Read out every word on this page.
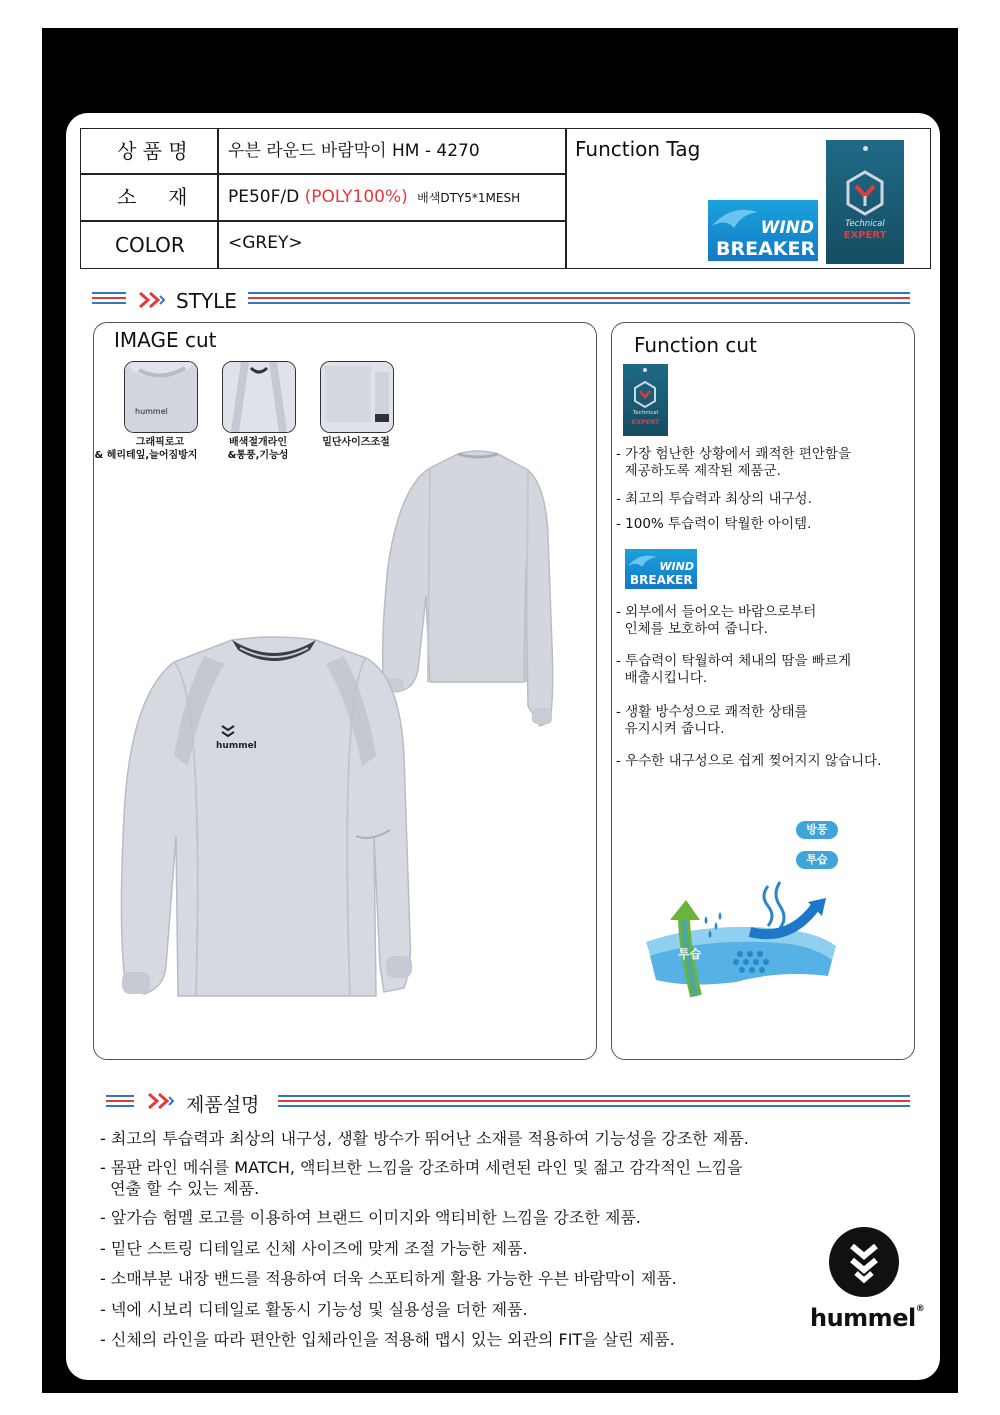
상 품 명 우븐 라운드 바람막이 HM - 4270
소     재 PE50F/D (POLY100%) 배색DTY5*1MESH
COLOR	<GREY>
Function Tag
WIND
BREAKER
Technical
EXPERT
STYLE
IMAGE cut
hummel
그래픽로고
& 헤리테잎,늘어짐방지
배색절개라인
&통풍,기능성
밑단사이즈조절
hummel
Function cut
Technical
EXPERT
- 가장 험난한 상황에서 쾌적한 편안함을
제공하도록 제작된 제품군.
- 최고의 투습력과 최상의 내구성.
- 100% 투습력이 탁월한 아이템.
WIND
BREAKER
- 외부에서 들어오는 바람으로부터
인체를 보호하여 줍니다.
- 투습력이 탁월하여 체내의 땀을 빠르게
배출시킵니다.
- 생활 방수성으로 쾌적한 상태를
유지시켜 줍니다.
- 우수한 내구성으로 쉽게 찢어지지 않습니다.
방풍
투습
투습
제품설명
- 최고의 투습력과 최상의 내구성, 생활 방수가 뛰어난 소재를 적용하여 기능성을 강조한 제품.
- 몸판 라인 메쉬를 MATCH, 액티브한 느낌을 강조하며 세련된 라인 및 젊고 감각적인 느낌을
연출 할 수 있는 제품.
- 앞가슴 험멜 로고를 이용하여 브랜드 이미지와 액티비한 느낌을 강조한 제품.
- 밑단 스트링 디테일로 신체 사이즈에 맞게 조절 가능한 제품.
- 소매부분 내장 밴드를 적용하여 더욱 스포티하게 활용 가능한 우븐 바람막이 제품.
- 넥에 시보리 디테일로 활동시 기능성 및 실용성을 더한 제품.
- 신체의 라인을 따라 편안한 입체라인을 적용해 맵시 있는 외관의 FIT을 살린 제품.
hummel®
